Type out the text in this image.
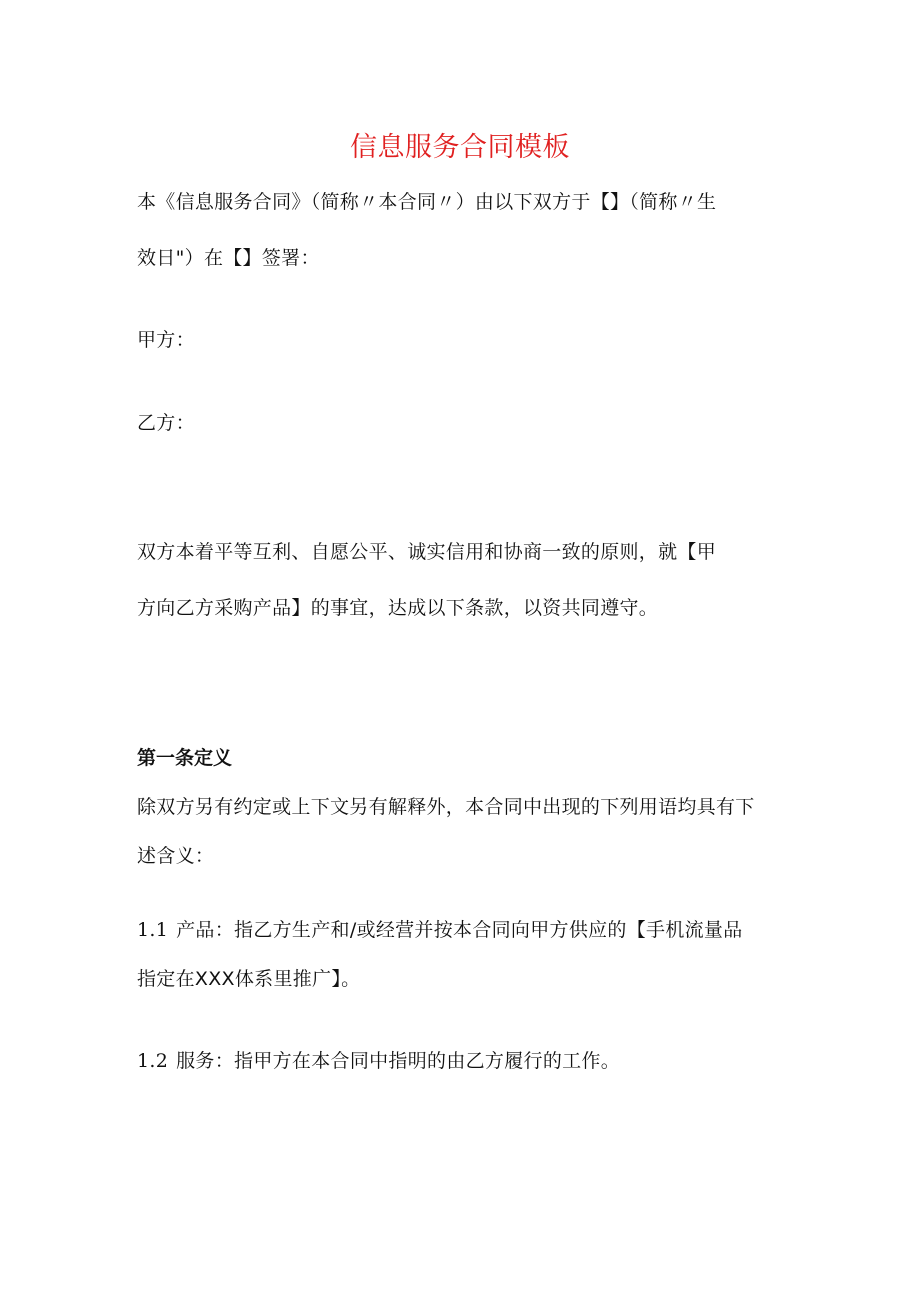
信息服务合同模板
本《信息服务合同》（简称〃本合同〃）由以下双方于【】（简称〃生
效日"）在【】签署：
甲方：
乙方：
双方本着平等互利、自愿公平、诚实信用和协商一致的原则，就【甲
方向乙方采购产品】的事宜，达成以下条款，以资共同遵守。
第一条定义
除双方另有约定或上下文另有解释外，本合同中出现的下列用语均具有下
述含义：
1.1 产品：指乙方生产和/或经营并按本合同向甲方供应的【手机流量品
指定在XXX体系里推广】。
1.2 服务：指甲方在本合同中指明的由乙方履行的工作。
